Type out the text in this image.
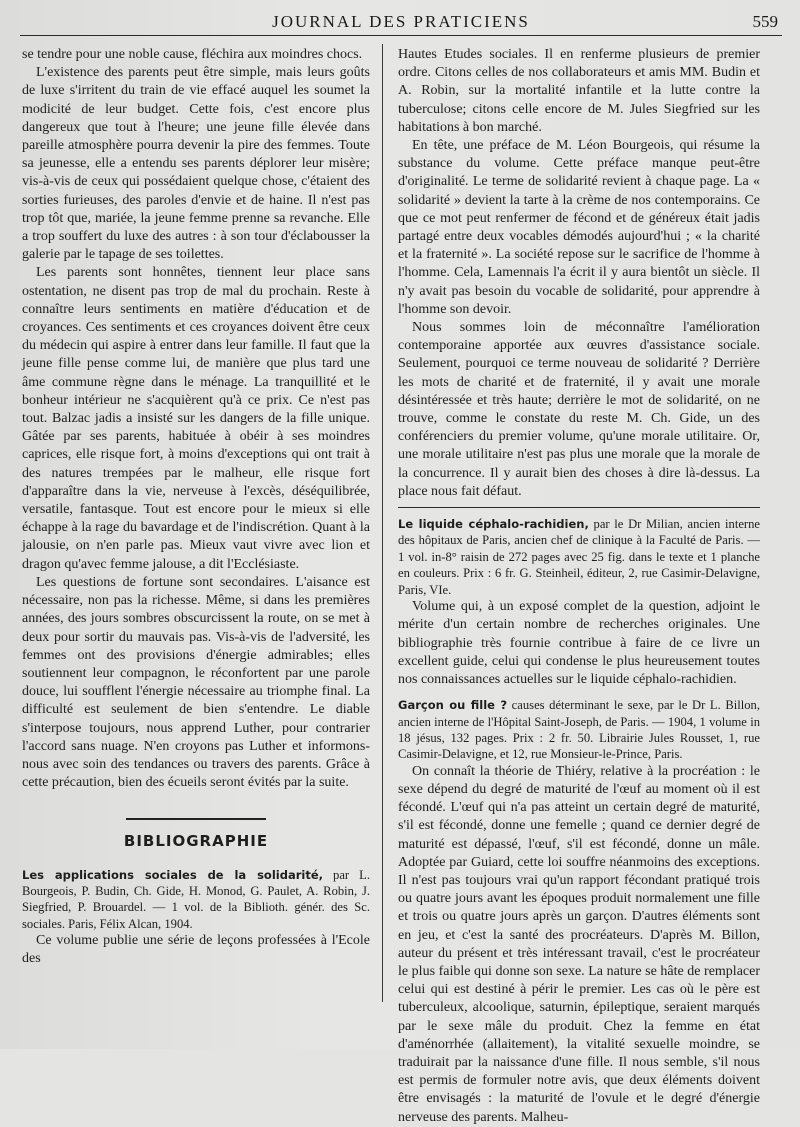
JOURNAL DES PRATICIENS	559

se tendre pour une noble cause, fléchira aux moindres chocs.

L'existence des parents peut être simple, mais leurs goûts de luxe s'irritent du train de vie effacé auquel les soumet la modicité de leur budget. Cette fois, c'est encore plus dangereux que tout à l'heure; une jeune fille élevée dans pareille atmosphère pourra devenir la pire des femmes. Toute sa jeunesse, elle a entendu ses parents déplorer leur misère; vis-à-vis de ceux qui possédaient quelque chose, c'étaient des sorties furieuses, des paroles d'envie et de haine. Il n'est pas trop tôt que, mariée, la jeune femme prenne sa revanche. Elle a trop souffert du luxe des autres : à son tour d'éclabousser la galerie par le tapage de ses toilettes.

Les parents sont honnêtes, tiennent leur place sans ostentation, ne disent pas trop de mal du prochain. Reste à connaître leurs sentiments en matière d'éducation et de croyances. Ces sentiments et ces croyances doivent être ceux du médecin qui aspire à entrer dans leur famille. Il faut que la jeune fille pense comme lui, de manière que plus tard une âme commune règne dans le ménage. La tranquillité et le bonheur intérieur ne s'acquièrent qu'à ce prix. Ce n'est pas tout. Balzac jadis a insisté sur les dangers de la fille unique. Gâtée par ses parents, habituée à obéir à ses moindres caprices, elle risque fort, à moins d'exceptions qui ont trait à des natures trempées par le malheur, elle risque fort d'apparaître dans la vie, nerveuse à l'excès, déséquilibrée, versatile, fantasque. Tout est encore pour le mieux si elle échappe à la rage du bavardage et de l'indiscrétion. Quant à la jalousie, on n'en parle pas. Mieux vaut vivre avec lion et dragon qu'avec femme jalouse, a dit l'Ecclésiaste.

Les questions de fortune sont secondaires. L'aisance est nécessaire, non pas la richesse. Même, si dans les premières années, des jours sombres obscurcissent la route, on se met à deux pour sortir du mauvais pas. Vis-à-vis de l'adversité, les femmes ont des provisions d'énergie admirables; elles soutiennent leur compagnon, le réconfortent par une parole douce, lui soufflent l'énergie nécessaire au triomphe final. La difficulté est seulement de bien s'entendre. Le diable s'interpose toujours, nous apprend Luther, pour contrarier l'accord sans nuage. N'en croyons pas Luther et informons-nous avec soin des tendances ou travers des parents. Grâce à cette précaution, bien des écueils seront évités par la suite.

BIBLIOGRAPHIE

Les applications sociales de la solidarité, par L. Bourgeois, P. Budin, Ch. Gide, H. Monod, G. Paulet, A. Robin, J. Siegfried, P. Brouardel. — 1 vol. de la Biblioth. génér. des Sc. sociales. Paris, Félix Alcan, 1904.

Ce volume publie une série de leçons professées à l'Ecole des

Hautes Etudes sociales. Il en renferme plusieurs de premier ordre. Citons celles de nos collaborateurs et amis MM. Budin et A. Robin, sur la mortalité infantile et la lutte contre la tuberculose; citons celle encore de M. Jules Siegfried sur les habitations à bon marché.

En tête, une préface de M. Léon Bourgeois, qui résume la substance du volume. Cette préface manque peut-être d'originalité. Le terme de solidarité revient à chaque page. La « solidarité » devient la tarte à la crème de nos contemporains. Ce que ce mot peut renfermer de fécond et de généreux était jadis partagé entre deux vocables démodés aujourd'hui ; « la charité et la fraternité ». La société repose sur le sacrifice de l'homme à l'homme. Cela, Lamennais l'a écrit il y aura bientôt un siècle. Il n'y avait pas besoin du vocable de solidarité, pour apprendre à l'homme son devoir.

Nous sommes loin de méconnaître l'amélioration contemporaine apportée aux œuvres d'assistance sociale. Seulement, pourquoi ce terme nouveau de solidarité ? Derrière les mots de charité et de fraternité, il y avait une morale désintéressée et très haute; derrière le mot de solidarité, on ne trouve, comme le constate du reste M. Ch. Gide, un des conférenciers du premier volume, qu'une morale utilitaire. Or, une morale utilitaire n'est pas plus une morale que la morale de la concurrence. Il y aurait bien des choses à dire là-dessus. La place nous fait défaut.

Le liquide céphalo-rachidien, par le Dr Milian, ancien interne des hôpitaux de Paris, ancien chef de clinique à la Faculté de Paris. — 1 vol. in-8° raisin de 272 pages avec 25 fig. dans le texte et 1 planche en couleurs. Prix : 6 fr. G. Steinheil, éditeur, 2, rue Casimir-Delavigne, Paris, VIe.

Volume qui, à un exposé complet de la question, adjoint le mérite d'un certain nombre de recherches originales. Une bibliographie très fournie contribue à faire de ce livre un excellent guide, celui qui condense le plus heureusement toutes nos connaissances actuelles sur le liquide céphalo-rachidien.

Garçon ou fille ? causes déterminant le sexe, par le Dr L. Billon, ancien interne de l'Hôpital Saint-Joseph, de Paris. — 1904, 1 volume in 18 jésus, 132 pages. Prix : 2 fr. 50. Librairie Jules Rousset, 1, rue Casimir-Delavigne, et 12, rue Monsieur-le-Prince, Paris.

On connaît la théorie de Thiéry, relative à la procréation : le sexe dépend du degré de maturité de l'œuf au moment où il est fécondé. L'œuf qui n'a pas atteint un certain degré de maturité, s'il est fécondé, donne une femelle ; quand ce dernier degré de maturité est dépassé, l'œuf, s'il est fécondé, donne un mâle. Adoptée par Guiard, cette loi souffre néanmoins des exceptions. Il n'est pas toujours vrai qu'un rapport fécondant pratiqué trois ou quatre jours avant les époques produit normalement une fille et trois ou quatre jours après un garçon. D'autres éléments sont en jeu, et c'est la santé des procréateurs. D'après M. Billon, auteur du présent et très intéressant travail, c'est le procréateur le plus faible qui donne son sexe. La nature se hâte de remplacer celui qui est destiné à périr le premier. Les cas où le père est tuberculeux, alcoolique, saturnin, épileptique, seraient marqués par le sexe mâle du produit. Chez la femme en état d'aménorrhée (allaitement), la vitalité sexuelle moindre, se traduirait par la naissance d'une fille. Il nous semble, s'il nous est permis de formuler notre avis, que deux éléments doivent être envisagés : la maturité de l'ovule et le degré d'énergie nerveuse des parents. Malheu-
